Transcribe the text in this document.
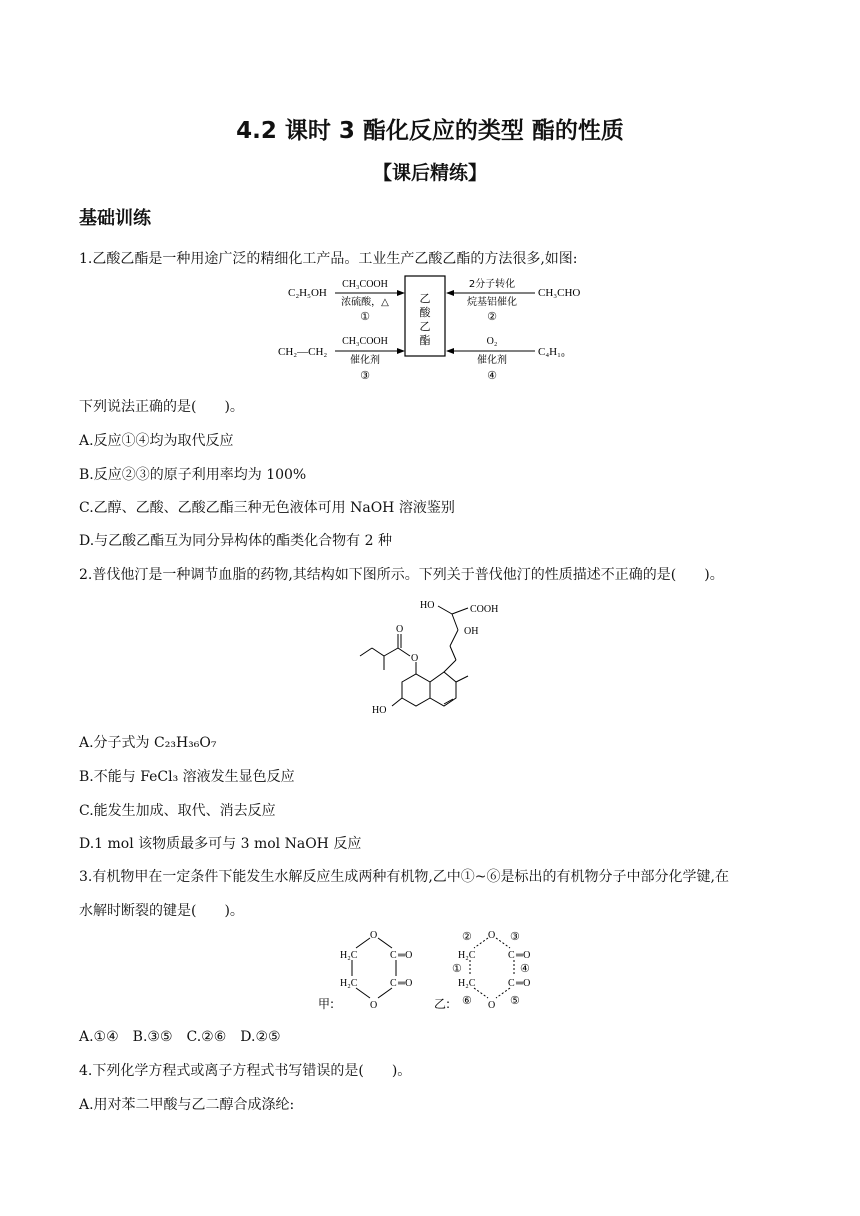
4.2 课时 3 酯化反应的类型 酯的性质
【课后精练】
基础训练
1.乙酸乙酯是一种用途广泛的精细化工产品。工业生产乙酸乙酯的方法很多,如图:
乙
酸
乙
酯
C₂H₅OH
CH₃COOH
浓硫酸，△
①
CH₃CHO
2分子转化
烷基铝催化
②
CH₂—CH₂
CH₃COOH
催化剂
③
C₄H₁₀
O₂
催化剂
④
下列说法正确的是(　　)。
A.反应①④均为取代反应
B.反应②③的原子利用率均为 100%
C.乙醇、乙酸、乙酸乙酯三种无色液体可用 NaOH 溶液鉴别
D.与乙酸乙酯互为同分异构体的酯类化合物有 2 种
2.普伐他汀是一种调节血脂的药物,其结构如下图所示。下列关于普伐他汀的性质描述不正确的是(　　)。
HO	COOH
OH
O
O
HO
A.分子式为 C₂₃H₃₆O₇
B.不能与 FeCl₃ 溶液发生显色反应
C.能发生加成、取代、消去反应
D.1 mol 该物质最多可与 3 mol NaOH 反应
3.有机物甲在一定条件下能发生水解反应生成两种有机物,乙中①~⑥是标出的有机物分子中部分化学键,在
水解时断裂的键是(　　)。
O
H₂C	C ═O
H₂C	C ═O
O
甲:
O
H₂C	C ═O
H₂C	C ═O
O
②	③
①	④
⑥	⑤
乙:
A.①④　B.③⑤　C.②⑥　D.②⑤
4.下列化学方程式或离子方程式书写错误的是(　　)。
A.用对苯二甲酸与乙二醇合成涤纶:
